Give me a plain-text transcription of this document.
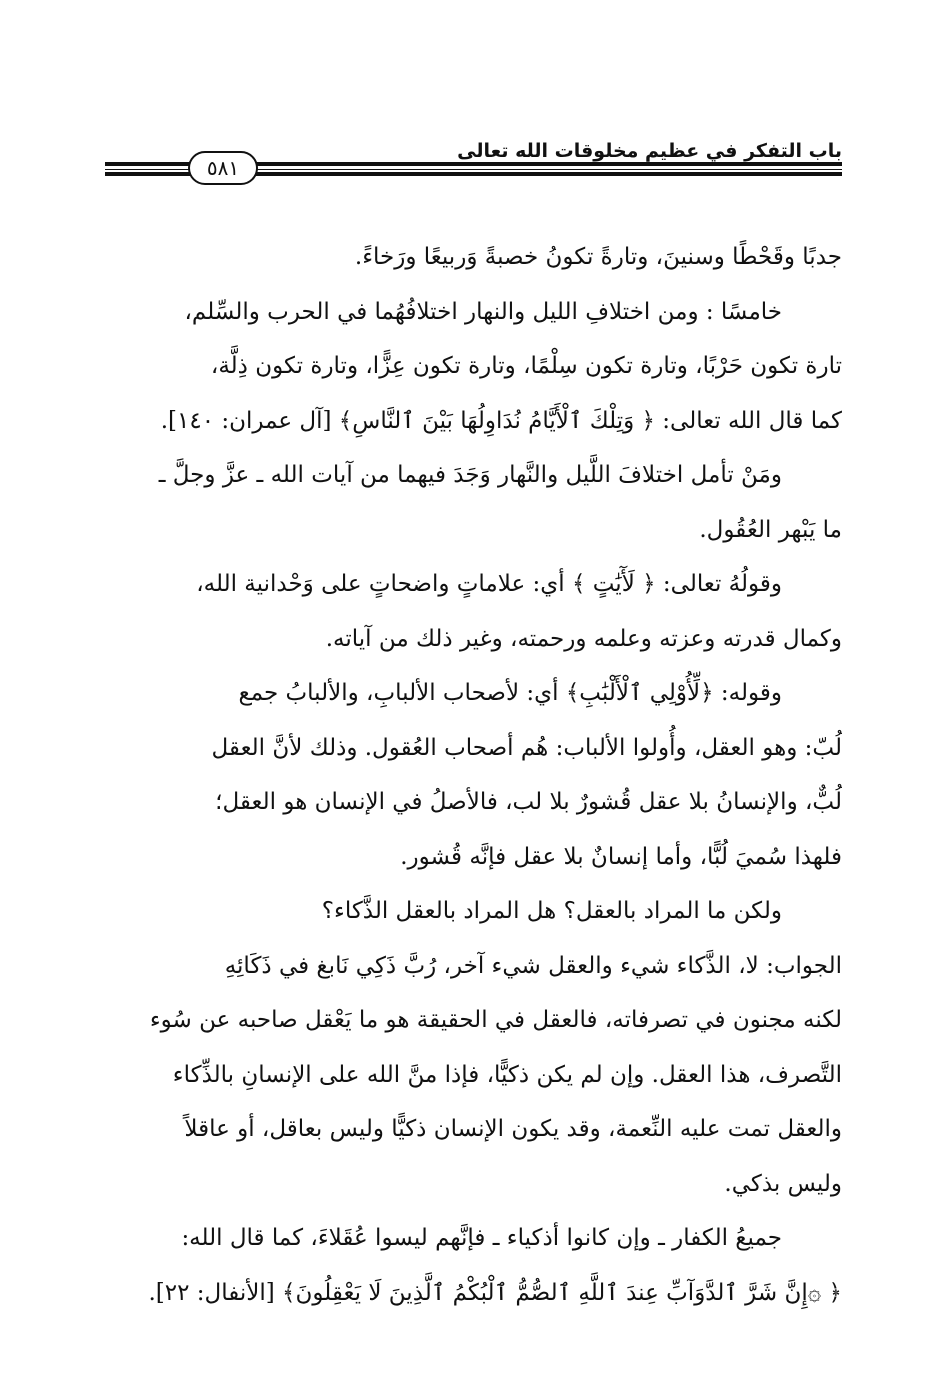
باب التفكر في عظيم مخلوقات الله تعالى
٥٨١
جدبًا وقَحْطًا وسنينَ، وتارةً تكونُ خصبةً وَربيعًا ورَخاءً.
خامسًا : ومن اختلافِ الليل والنهار اختلافُهُما في الحرب والسِّلم،
تارة تكون حَرْبًا، وتارة تكون سِلْمًا، وتارة تكون عِزًّا، وتارة تكون ذِلَّة،
كما قال الله تعالى: ﴿ وَتِلْكَ ٱلْأَيَّامُ نُدَاوِلُهَا بَيْنَ ٱلنَّاسِ﴾ [آل عمران: ١٤٠].
ومَنْ تأمل اختلافَ اللَّيل والنَّهار وَجَدَ فيهما من آيات الله ـ عزَّ وجلَّ ـ
ما يَبْهر العُقُول.
وقولُهُ تعالى: ﴿ لَأٓيَٰتٍ ﴾ أي: علاماتٍ واضحاتٍ على وَحْدانية الله،
وكمال قدرته وعزته وعلمه ورحمته، وغير ذلك من آياته.
وقوله: ﴿لِّأُوْلِي ٱلْأَلْبَٰبِ﴾ أي: لأصحاب الألبابِ، والألبابُ جمع
لُبّ: وهو العقل، وأُولوا الألباب: هُم أصحاب العُقول. وذلك لأنَّ العقل
لُبٌّ، والإنسانُ بلا عقل قُشورٌ بلا لب، فالأصلُ في الإنسان هو العقل؛
فلهذا سُميَ لُبًّا، وأما إنسانٌ بلا عقل فإنَّه قُشور.
ولكن ما المراد بالعقل؟ هل المراد بالعقل الذَّكاء؟
الجواب: لا، الذَّكاء شيء والعقل شيء آخر، رُبَّ ذَكِي نَابغ في ذَكَائِهِ
لكنه مجنون في تصرفاته، فالعقل في الحقيقة هو ما يَعْقل صاحبه عن سُوء
التَّصرف، هذا العقل. وإن لم يكن ذكيًّا، فإذا منَّ الله على الإنسانِ بالذِّكاء
والعقل تمت عليه النِّعمة، وقد يكون الإنسان ذكيًّا وليس بعاقل، أو عاقلاً
وليس بذكي.
جميعُ الكفار ـ وإن كانوا أذكياء ـ فإنَّهم ليسوا عُقَلاءَ، كما قال الله:
﴿ ۞إِنَّ شَرَّ ٱلدَّوَآبِّ عِندَ ٱللَّهِ ٱلصُّمُّ ٱلْبُكْمُ ٱلَّذِينَ لَا يَعْقِلُونَ﴾ [الأنفال: ٢٢].
